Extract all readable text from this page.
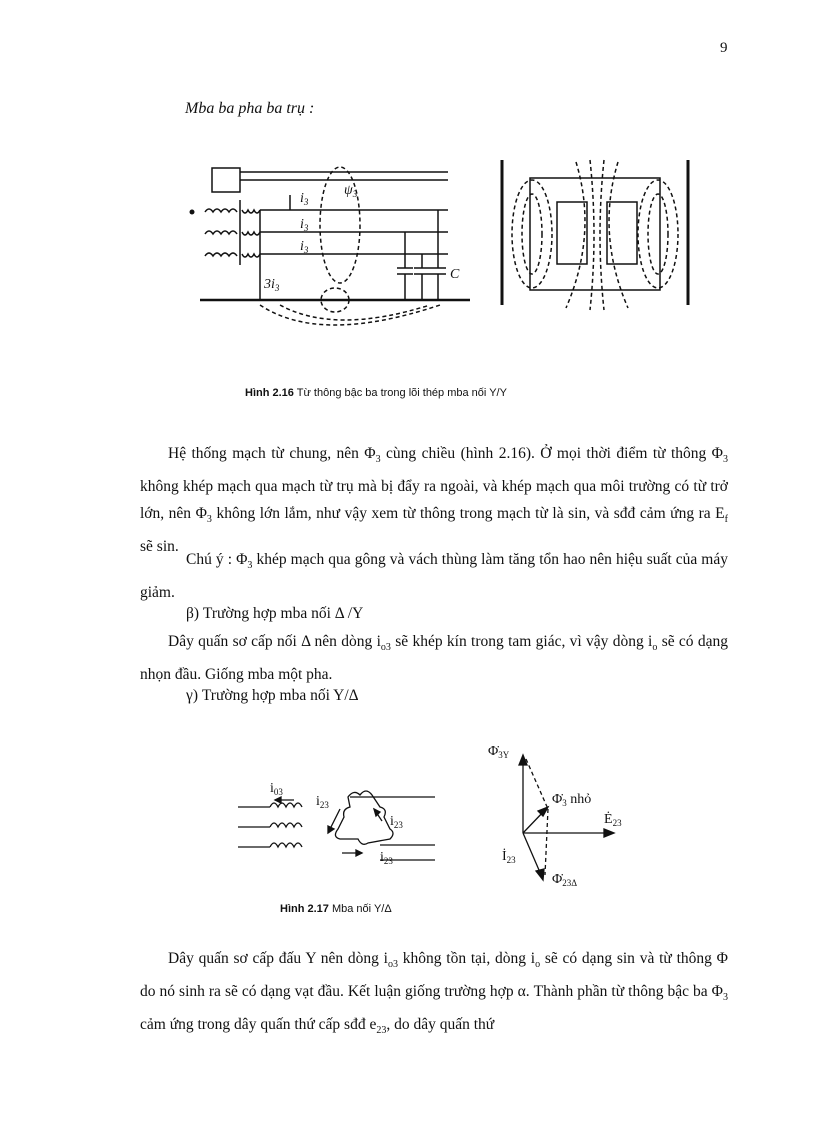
9
Mba ba pha ba trụ :
$i_3$
$i_3$
$i_3$
$\psi_3$
$3i_3$
C
Hình 2.16 Từ thông bậc ba trong lõi thép mba nối Y/Y
Hệ thống mạch từ chung, nên $\Phi_3$ cùng chiều (hình 2.16). Ở mọi thời điểm từ thông $\Phi_3$ không khép mạch qua mạch từ trụ mà bị đẩy ra ngoài, và khép mạch qua môi trường có từ trở lớn, nên $\Phi_3$ không lớn lắm, như vậy xem từ thông trong mạch từ là sin, và sđđ cảm ứng ra $E_f$ sẽ sin.
Chú ý : $\Phi_3$ khép mạch qua gông và vách thùng làm tăng tổn hao nên hiệu suất của máy giảm.
β) Trường hợp mba nối Δ /Y
Dây quấn sơ cấp nối Δ nên dòng $i_{o3}$ sẽ khép kín trong tam giác, vì vậy dòng $i_o$ sẽ có dạng nhọn đầu. Giống mba một pha.
γ) Trường hợp mba nối Y/Δ
$i_{03}$
$i_{23}$
$i_{23}$
$i_{23}$
$\Phi̇_{3Y}$
$\Phi̇_3$ nhỏ
$Ė_{23}$
$İ_{23}$
$\Phi̇_{23\Delta}$
Hình 2.17 Mba nối Y/Δ
Dây quấn sơ cấp đấu Y nên dòng $i_{o3}$ không tồn tại, dòng $i_o$ sẽ có dạng sin và từ thông Φ do nó sinh ra sẽ có dạng vạt đầu. Kết luận giống trường hợp α. Thành phần từ thông bậc ba $\Phi_3$ cảm ứng trong dây quấn thứ cấp sđđ $e_{23}$, do dây quấn thứ
